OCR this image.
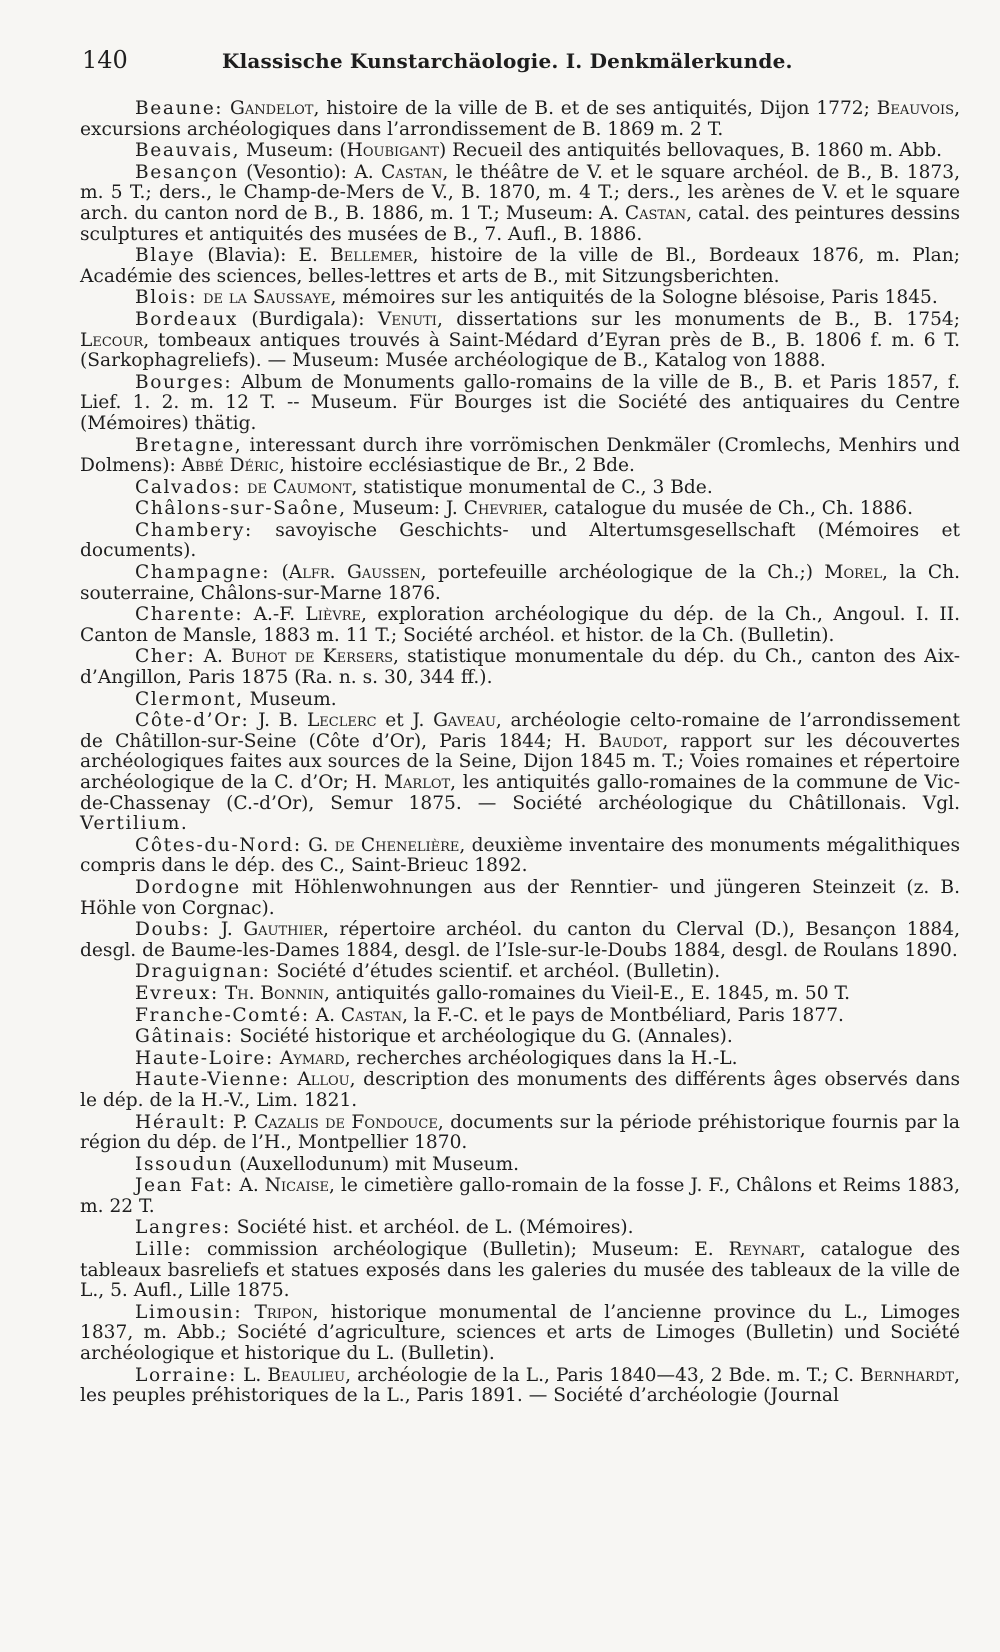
140	Klassische Kunstarchäologie. I. Denkmälerkunde.

Beaune: Gandelot, histoire de la ville de B. et de ses antiquités, Dijon 1772; Beauvois, excursions archéologiques dans l’arrondissement de B. 1869 m. 2 T.

Beauvais, Museum: (Houbigant) Recueil des antiquités bellovaques, B. 1860 m. Abb.

Besançon (Vesontio): A. Castan, le théâtre de V. et le square archéol. de B., B. 1873, m. 5 T.; ders., le Champ-de-Mers de V., B. 1870, m. 4 T.; ders., les arènes de V. et le square arch. du canton nord de B., B. 1886, m. 1 T.; Museum: A. Castan, catal. des peintures dessins sculptures et antiquités des musées de B., 7. Aufl., B. 1886.

Blaye (Blavia): E. Bellemer, histoire de la ville de Bl., Bordeaux 1876, m. Plan; Académie des sciences, belles-lettres et arts de B., mit Sitzungsberichten.

Blois: de la Saussaye, mémoires sur les antiquités de la Sologne blésoise, Paris 1845.

Bordeaux (Burdigala): Venuti, dissertations sur les monuments de B., B. 1754; Lecour, tombeaux antiques trouvés à Saint-Médard d’Eyran près de B., B. 1806 f. m. 6 T. (Sarkophagreliefs). — Museum: Musée archéologique de B., Katalog von 1888.

Bourges: Album de Monuments gallo-romains de la ville de B., B. et Paris 1857, f. Lief. 1. 2. m. 12 T. -- Museum. Für Bourges ist die Société des antiquaires du Centre (Mémoires) thätig.

Bretagne, interessant durch ihre vorrömischen Denkmäler (Cromlechs, Menhirs und Dolmens): Abbé Déric, histoire ecclésiastique de Br., 2 Bde.

Calvados: de Caumont, statistique monumental de C., 3 Bde.

Châlons-sur-Saône, Museum: J. Chevrier, catalogue du musée de Ch., Ch. 1886.

Chambery: savoyische Geschichts- und Altertumsgesellschaft (Mémoires et documents).

Champagne: (Alfr. Gaussen, portefeuille archéologique de la Ch.;) Morel, la Ch. souterraine, Châlons-sur-Marne 1876.

Charente: A.-F. Lièvre, exploration archéologique du dép. de la Ch., Angoul. I. II. Canton de Mansle, 1883 m. 11 T.; Société archéol. et histor. de la Ch. (Bulletin).

Cher: A. Buhot de Kersers, statistique monumentale du dép. du Ch., canton des Aix-d’Angillon, Paris 1875 (Ra. n. s. 30, 344 ff.).

Clermont, Museum.

Côte-d’Or: J. B. Leclerc et J. Gaveau, archéologie celto-romaine de l’arrondissement de Châtillon-sur-Seine (Côte d’Or), Paris 1844; H. Baudot, rapport sur les découvertes archéologiques faites aux sources de la Seine, Dijon 1845 m. T.; Voies romaines et répertoire archéologique de la C. d’Or; H. Marlot, les antiquités gallo-romaines de la commune de Vic-de-Chassenay (C.-d’Or), Semur 1875. — Société archéologique du Châtillonais. Vgl. Vertilium.

Côtes-du-Nord: G. de Chenelière, deuxième inventaire des monuments mégalithiques compris dans le dép. des C., Saint-Brieuc 1892.

Dordogne mit Höhlenwohnungen aus der Renntier- und jüngeren Steinzeit (z. B. Höhle von Corgnac).

Doubs: J. Gauthier, répertoire archéol. du canton du Clerval (D.), Besançon 1884, desgl. de Baume-les-Dames 1884, desgl. de l’Isle-sur-le-Doubs 1884, desgl. de Roulans 1890.

Draguignan: Société d’études scientif. et archéol. (Bulletin).

Evreux: Th. Bonnin, antiquités gallo-romaines du Vieil-E., E. 1845, m. 50 T.

Franche-Comté: A. Castan, la F.-C. et le pays de Montbéliard, Paris 1877.

Gâtinais: Société historique et archéologique du G. (Annales).

Haute-Loire: Aymard, recherches archéologiques dans la H.-L.

Haute-Vienne: Allou, description des monuments des différents âges observés dans le dép. de la H.-V., Lim. 1821.

Hérault: P. Cazalis de Fondouce, documents sur la période préhistorique fournis par la région du dép. de l’H., Montpellier 1870.

Issoudun (Auxellodunum) mit Museum.

Jean Fat: A. Nicaise, le cimetière gallo-romain de la fosse J. F., Châlons et Reims 1883, m. 22 T.

Langres: Société hist. et archéol. de L. (Mémoires).

Lille: commission archéologique (Bulletin); Museum: E. Reynart, catalogue des tableaux basreliefs et statues exposés dans les galeries du musée des tableaux de la ville de L., 5. Aufl., Lille 1875.

Limousin: Tripon, historique monumental de l’ancienne province du L., Limoges 1837, m. Abb.; Société d’agriculture, sciences et arts de Limoges (Bulletin) und Société archéologique et historique du L. (Bulletin).

Lorraine: L. Beaulieu, archéologie de la L., Paris 1840—43, 2 Bde. m. T.; C. Bernhardt, les peuples préhistoriques de la L., Paris 1891. — Société d’archéologie (Journal
